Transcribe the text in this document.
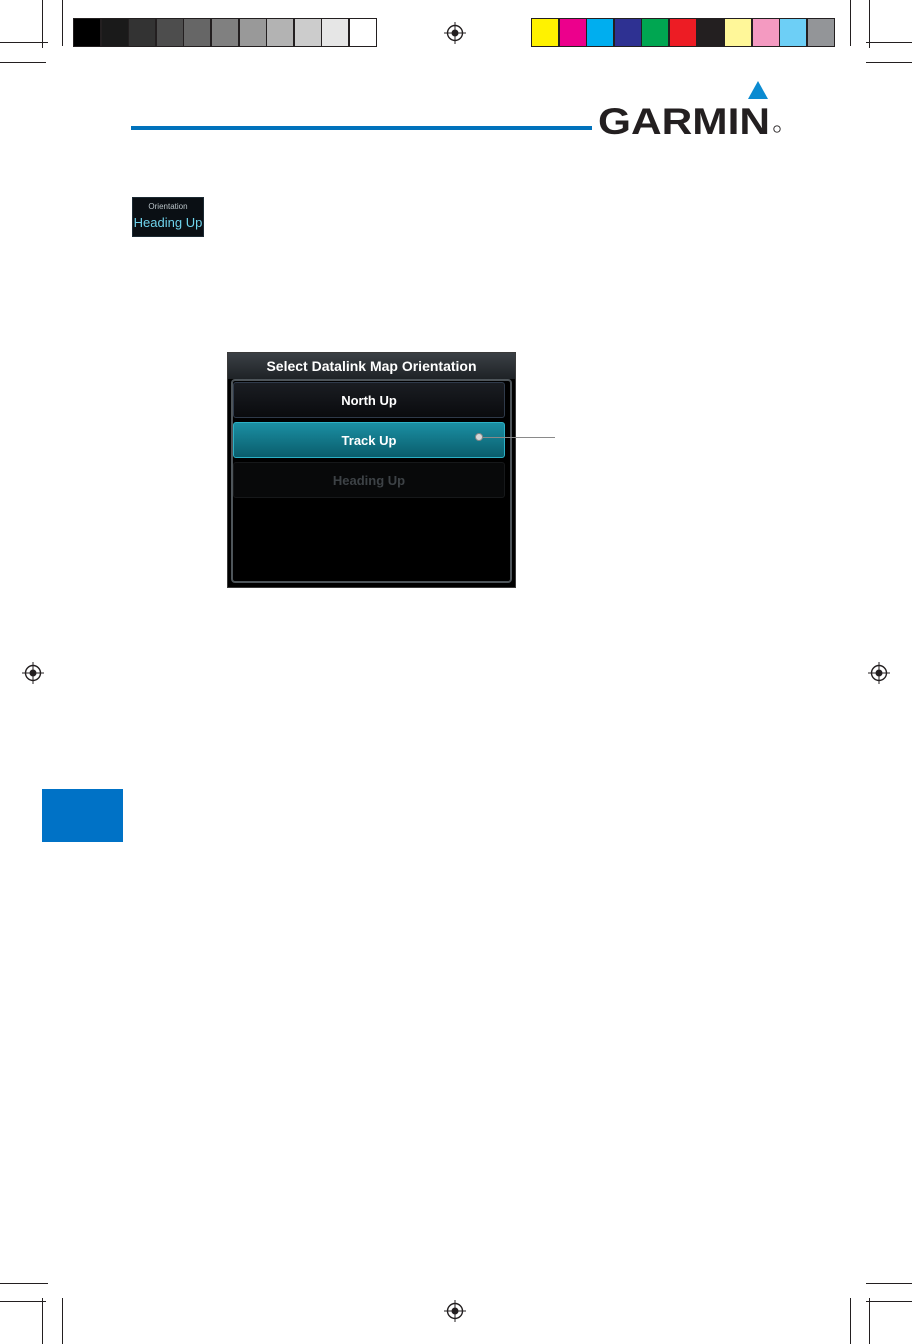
GARMIN
Orientation
Heading Up
Select Datalink Map Orientation
North Up
Track Up
Heading Up
